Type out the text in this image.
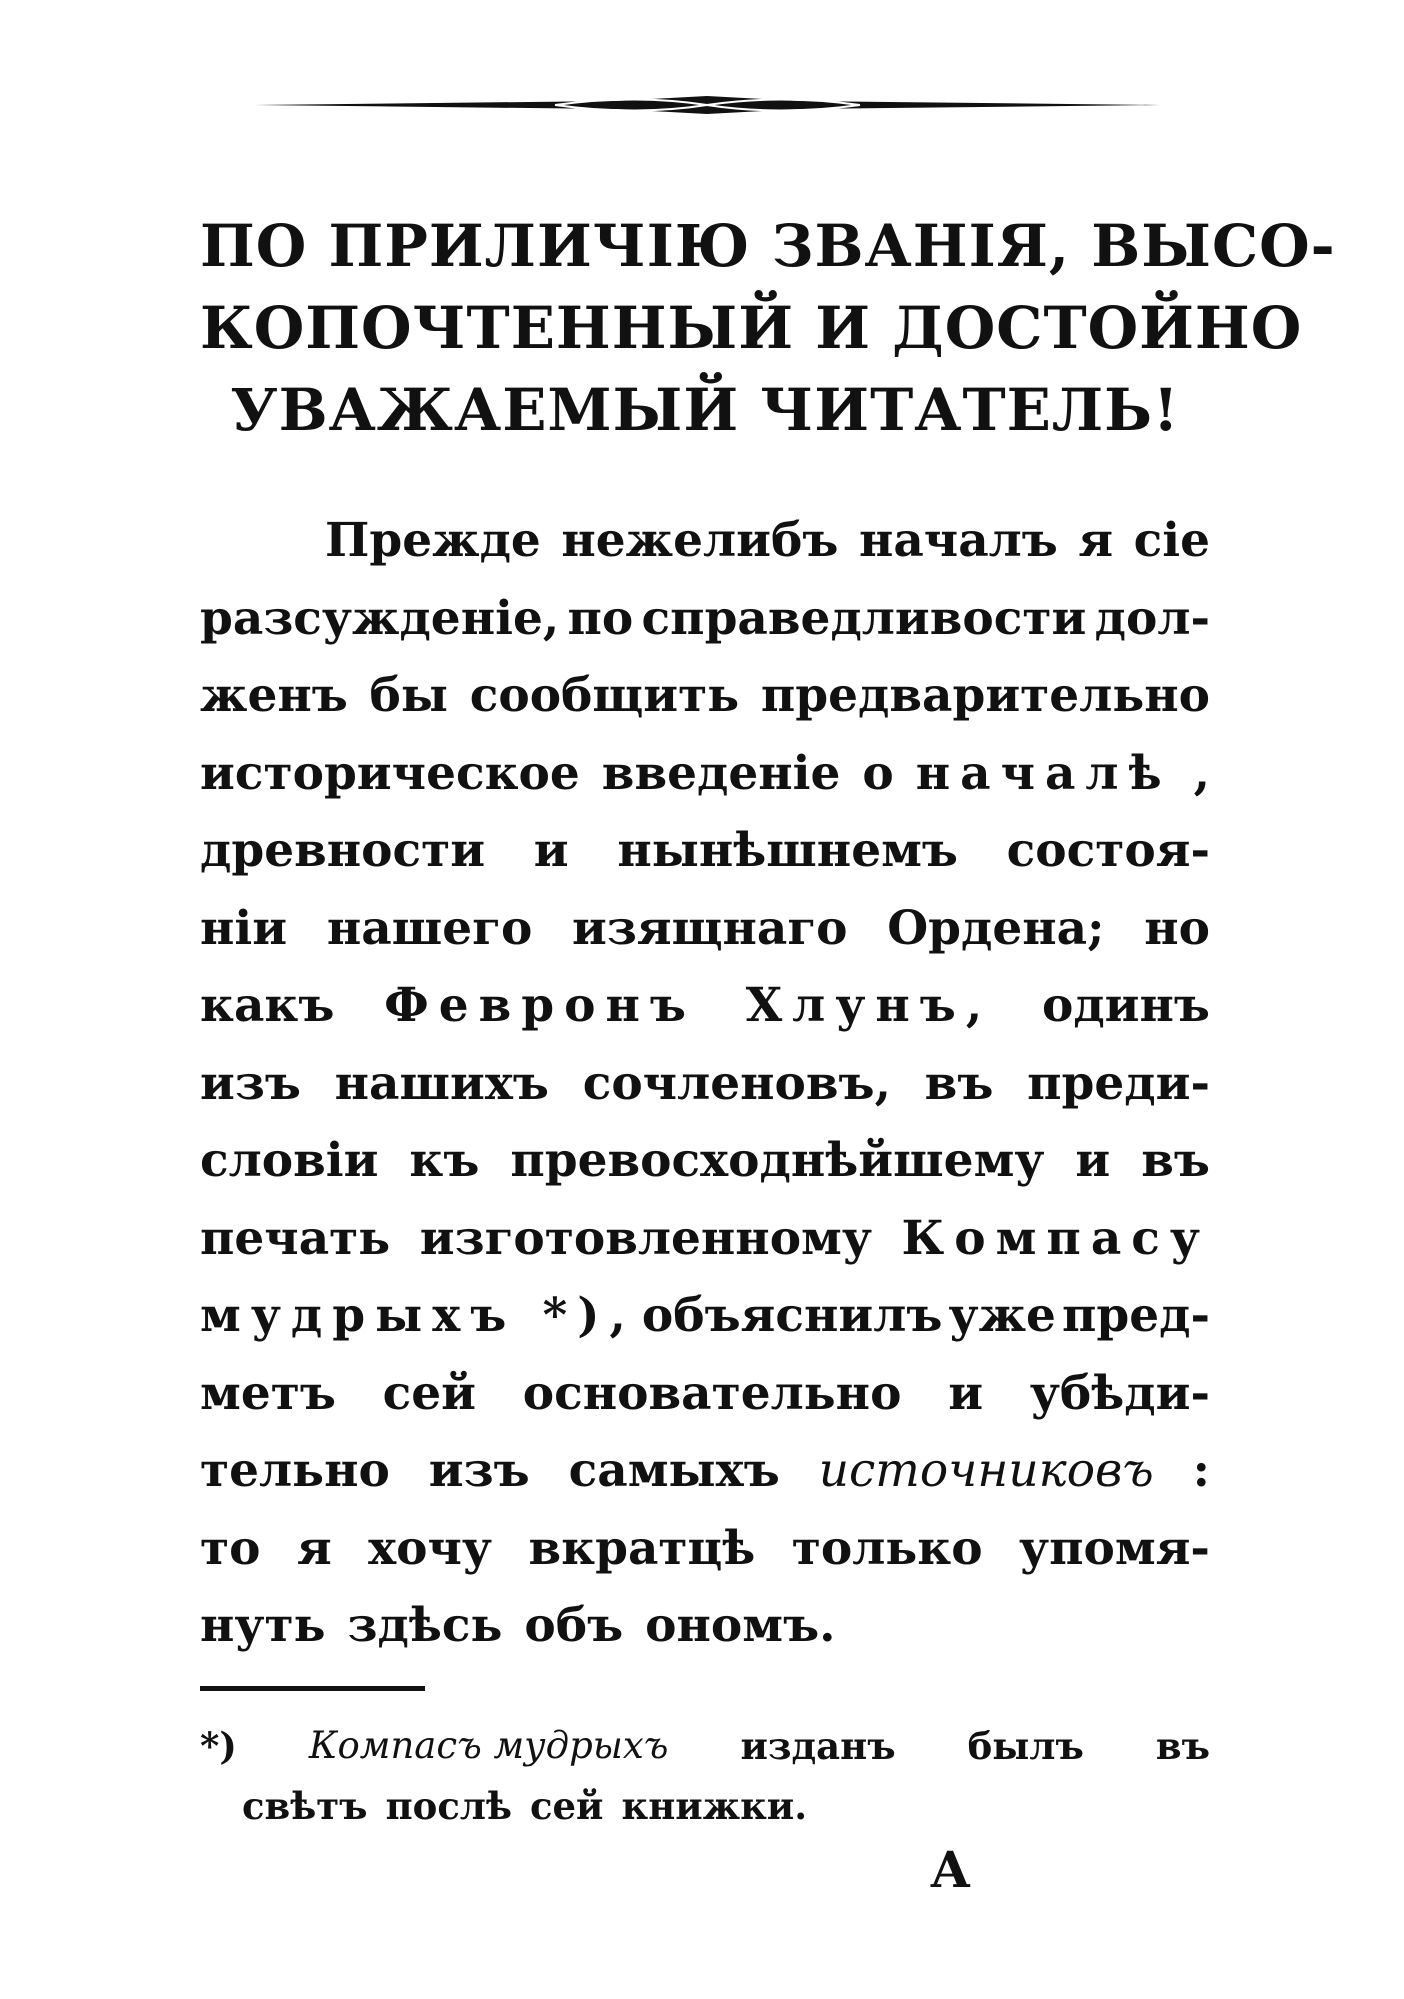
ПО ПРИЛИЧІЮ ЗВАНІЯ, ВЫСО-
КОПОЧТЕННЫЙ И ДОСТОЙНО
УВАЖАЕМЫЙ ЧИТАТЕЛЬ!
Прежде нежелибъ началъ я сіе
разсужденіе, по справедливости дол-
женъ бы сообщить предварительно
историческое введеніе о началѣ ,
древности и нынѣшнемъ состоя-
ніи нашего изящнаго Ордена; но
какъ Февронъ Хлунъ, одинъ
изъ нашихъ сочленовъ, въ преди-
словіи къ превосходнѣйшему и въ
печать изготовленному Компасу
мудрыхъ *), объяснилъ уже пред-
метъ сей основательно и убѣди-
тельно изъ самыхъ источниковъ :
то я хочу вкратцѣ только упомя-
нуть здѣсь объ ономъ.
*) Компасъ мудрыхъ изданъ былъ въ
свѣтъ послѣ сей книжки.
А
